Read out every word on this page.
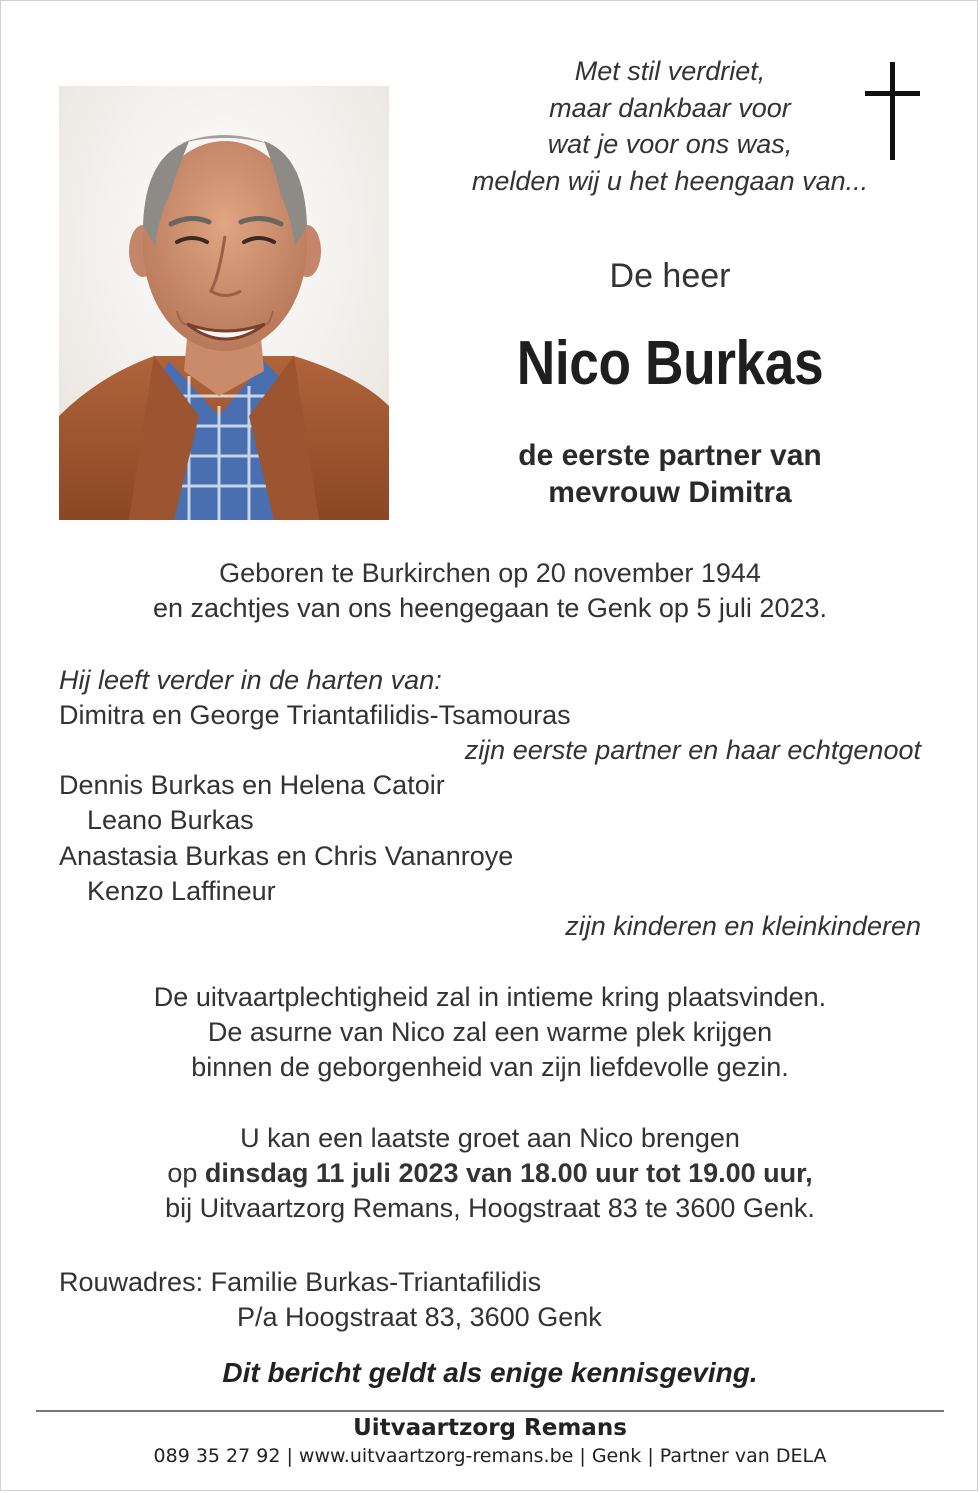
Met stil verdriet,
maar dankbaar voor
wat je voor ons was,
melden wij u het heengaan van...
De heer
Nico Burkas
de eerste partner van
mevrouw Dimitra
Geboren te Burkirchen op 20 november 1944
en zachtjes van ons heengegaan te Genk op 5 juli 2023.
Hij leeft verder in de harten van:
Dimitra en George Triantafilidis-Tsamouras
zijn eerste partner en haar echtgenoot
Dennis Burkas en Helena Catoir
Leano Burkas
Anastasia Burkas en Chris Vananroye
Kenzo Laffineur
zijn kinderen en kleinkinderen
De uitvaartplechtigheid zal in intieme kring plaatsvinden.
De asurne van Nico zal een warme plek krijgen
binnen de geborgenheid van zijn liefdevolle gezin.
U kan een laatste groet aan Nico brengen
op dinsdag 11 juli 2023 van 18.00 uur tot 19.00 uur,
bij Uitvaartzorg Remans, Hoogstraat 83 te 3600 Genk.
Rouwadres: Familie Burkas-Triantafilidis
P/a Hoogstraat 83, 3600 Genk
Dit bericht geldt als enige kennisgeving.
Uitvaartzorg Remans
089 35 27 92 | www.uitvaartzorg-remans.be | Genk | Partner van DELA
